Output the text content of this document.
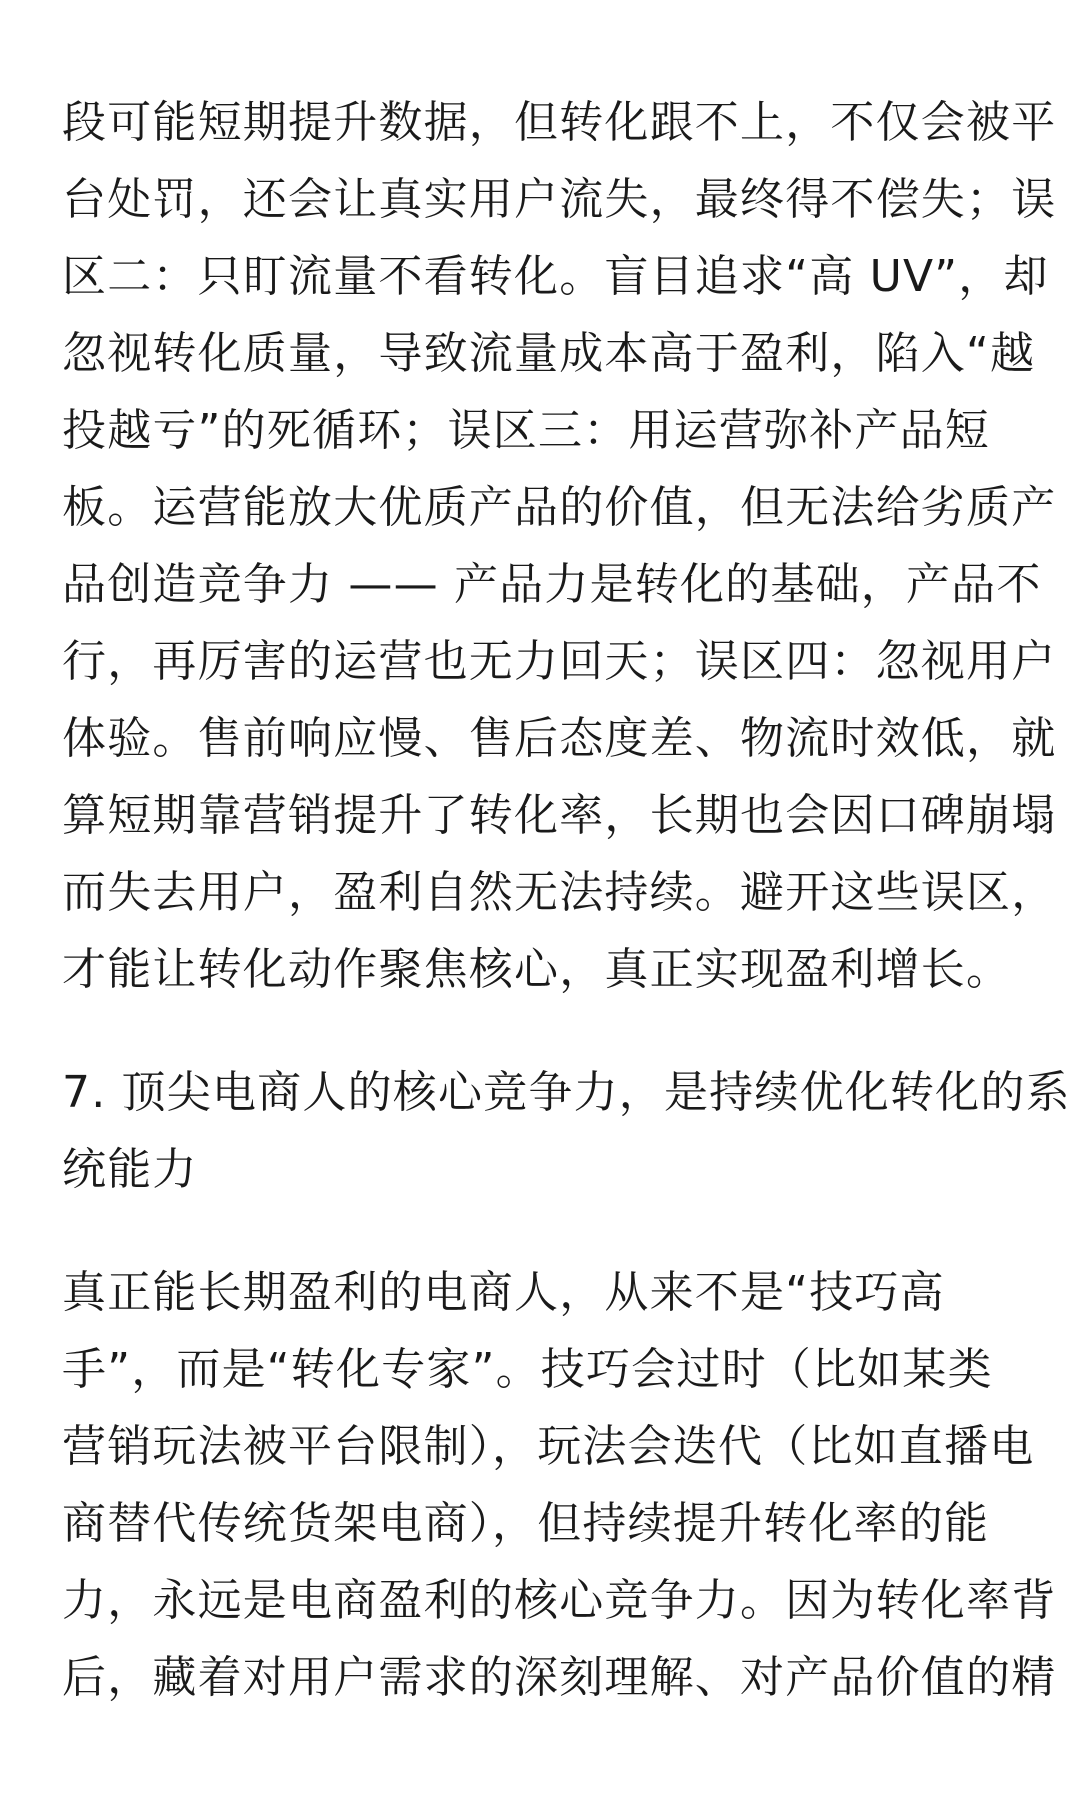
段可能短期提升数据，但转化跟不上，不仅会被平
台处罚，还会让真实用户流失，最终得不偿失；误
区二：只盯流量不看转化。盲目追求“高 UV”，却
忽视转化质量，导致流量成本高于盈利，陷入“越
投越亏”的死循环；误区三：用运营弥补产品短
板。运营能放大优质产品的价值，但无法给劣质产
品创造竞争力 —— 产品力是转化的基础，产品不
行，再厉害的运营也无力回天；误区四：忽视用户
体验。售前响应慢、售后态度差、物流时效低，就
算短期靠营销提升了转化率，长期也会因口碑崩塌
而失去用户，盈利自然无法持续。避开这些误区，
才能让转化动作聚焦核心，真正实现盈利增长。

7. 顶尖电商人的核心竞争力，是持续优化转化的系
统能力

真正能长期盈利的电商人，从来不是“技巧高
手”，而是“转化专家”。技巧会过时（比如某类
营销玩法被平台限制），玩法会迭代（比如直播电
商替代传统货架电商），但持续提升转化率的能
力，永远是电商盈利的核心竞争力。因为转化率背
后，藏着对用户需求的深刻理解、对产品价值的精
